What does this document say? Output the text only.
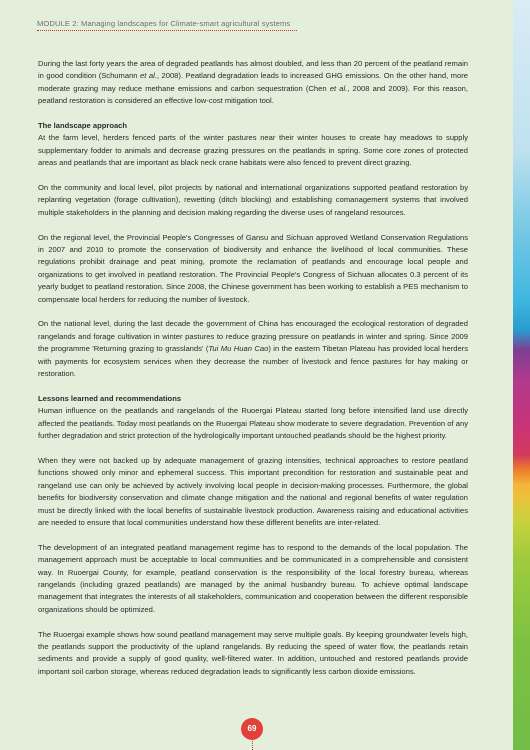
MODULE 2: Managing landscapes for Climate-smart agricultural systems

During the last forty years the area of degraded peatlands has almost doubled, and less than 20 percent of the peatland remain in good condition (Schumann et al., 2008). Peatland degradation leads to increased GHG emissions. On the other hand, more moderate grazing may reduce methane emissions and carbon sequestration (Chen et al., 2008 and 2009). For this reason, peatland restoration is considered an effective low-cost mitigation tool.

The landscape approach

At the farm level, herders fenced parts of the winter pastures near their winter houses to create hay meadows to supply supplementary fodder to animals and decrease grazing pressures on the peatlands in spring. Some core zones of protected areas and peatlands that are important as black neck crane habitats were also fenced to prevent direct grazing.

On the community and local level, pilot projects by national and international organizations supported peatland restoration by replanting vegetation (forage cultivation), rewetting (ditch blocking) and establishing comanagement systems that involved multiple stakeholders in the planning and decision making regarding the diverse uses of rangeland resources.

On the regional level, the Provincial People's Congresses of Gansu and Sichuan approved Wetland Conservation Regulations in 2007 and 2010 to promote the conservation of biodiversity and enhance the livelihood of local communities. These regulations prohibit drainage and peat mining, promote the reclamation of peatlands and encourage local people and organizations to get involved in peatland restoration. The Provincial People's Congress of Sichuan allocates 0.3 percent of its yearly budget to peatland restoration. Since 2008, the Chinese government has been working to establish a PES mechanism to compensate local herders for reducing the number of livestock.

On the national level, during the last decade the government of China has encouraged the ecological restoration of degraded rangelands and forage cultivation in winter pastures to reduce grazing pressure on peatlands in winter and spring. Since 2009 the programme 'Returning grazing to grasslands' (Tui Mu Huan Cao) in the eastern Tibetan Plateau has provided local herders with payments for ecosystem services when they decrease the number of livestock and fence pastures for hay making or restoration.

Lessons learned and recommendations

Human influence on the peatlands and rangelands of the Ruoergai Plateau started long before intensified land use directly affected the peatlands. Today most peatlands on the Ruoergai Plateau show moderate to severe degradation. Prevention of any further degradation and strict protection of the hydrologically important untouched peatlands should be the highest priority.

When they were not backed up by adequate management of grazing intensities, technical approaches to restore peatland functions showed only minor and ephemeral success. This important precondition for restoration and sustainable peat and rangeland use can only be achieved by actively involving local people in decision-making processes. Furthermore, the global benefits for biodiversity conservation and climate change mitigation and the national and regional benefits of water regulation must be directly linked with the local benefits of sustainable livestock production. Awareness raising and educational activities are needed to ensure that local communities understand how these different benefits are inter-related.

The development of an integrated peatland management regime has to respond to the demands of the local population. The management approach must be acceptable to local communities and be communicated in a comprehensible and consistent way. In Ruoergai County, for example, peatland conservation is the responsibility of the local forestry bureau, whereas rangelands (including grazed peatlands) are managed by the animal husbandry bureau. To achieve optimal landscape management that integrates the interests of all stakeholders, communication and cooperation between the different responsible organizations should be optimized.

The Ruoergai example shows how sound peatland management may serve multiple goals. By keeping groundwater levels high, the peatlands support the productivity of the upland rangelands. By reducing the speed of water flow, the peatlands retain sediments and provide a supply of good quality, well-filtered water. In addition, untouched and restored peatlands provide important soil carbon storage, whereas reduced degradation leads to significantly less carbon dioxide emissions.

69
